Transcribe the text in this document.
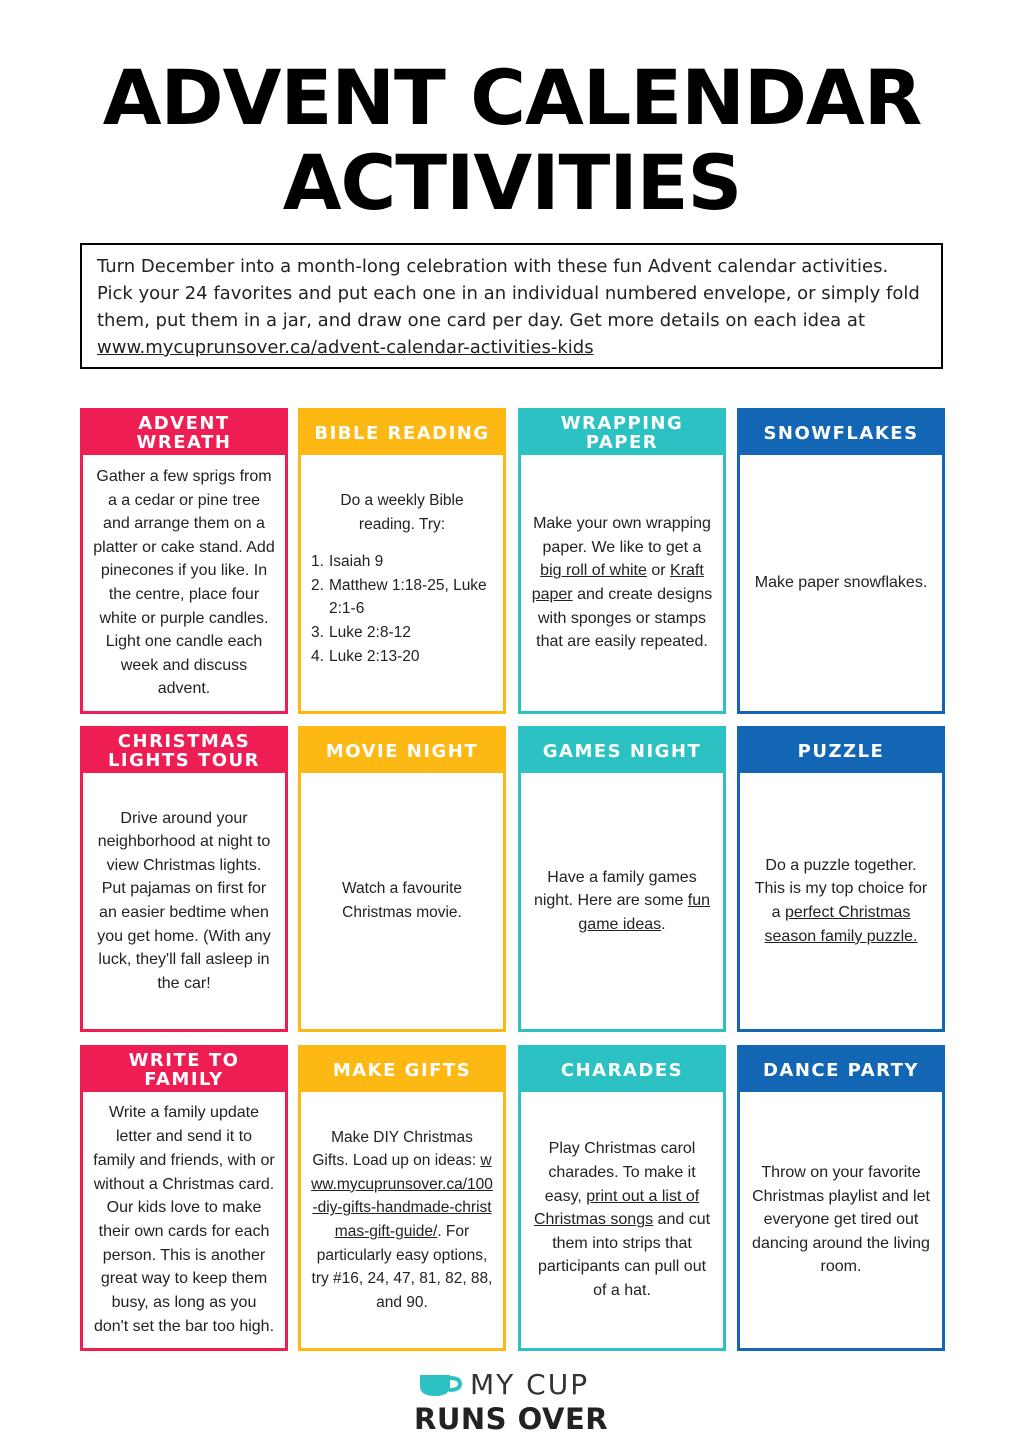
ADVENT CALENDAR
ACTIVITIES
Turn December into a month-long celebration with these fun Advent calendar activities. Pick your 24 favorites and put each one in an individual numbered envelope, or simply fold them, put them in a jar, and draw one card per day. Get more details on each idea at www.mycuprunsover.ca/advent-calendar-activities-kids
ADVENT WREATH

Gather a few sprigs from a a cedar or pine tree and arrange them on a platter or cake stand. Add pinecones if you like. In the centre, place four white or purple candles. Light one candle each week and discuss advent.

BIBLE READING

Do a weekly Bible reading. Try:

1. Isaiah 9
2. Matthew 1:18-25, Luke 2:1-6
3. Luke 2:8-12
4. Luke 2:13-20
WRAPPING PAPER

Make your own wrapping paper. We like to get a big roll of white or Kraft paper and create designs with sponges or stamps that are easily repeated.

SNOWFLAKES

Make paper snowflakes.

CHRISTMAS LIGHTS TOUR

Drive around your neighborhood at night to view Christmas lights. Put pajamas on first for an easier bedtime when you get home. (With any luck, they'll fall asleep in the car!

MOVIE NIGHT

Watch a favourite Christmas movie.

GAMES NIGHT

Have a family games night. Here are some fun game ideas.

PUZZLE

Do a puzzle together. This is my top choice for a perfect Christmas season family puzzle.

WRITE TO FAMILY

Write a family update letter and send it to family and friends, with or without a Christmas card. Our kids love to make their own cards for each person. This is another great way to keep them busy, as long as you don't set the bar too high.

MAKE GIFTS

Make DIY Christmas Gifts. Load up on ideas: www.mycuprunsover.ca/100-diy-gifts-handmade-christmas-gift-guide/. For particularly easy options, try #16, 24, 47, 81, 82, 88, and 90.

CHARADES

Play Christmas carol charades. To make it easy, print out a list of Christmas songs and cut them into strips that participants can pull out of a hat.

DANCE PARTY

Throw on your favorite Christmas playlist and let everyone get tired out dancing around the living room.

MY CUP
RUNS OVER
